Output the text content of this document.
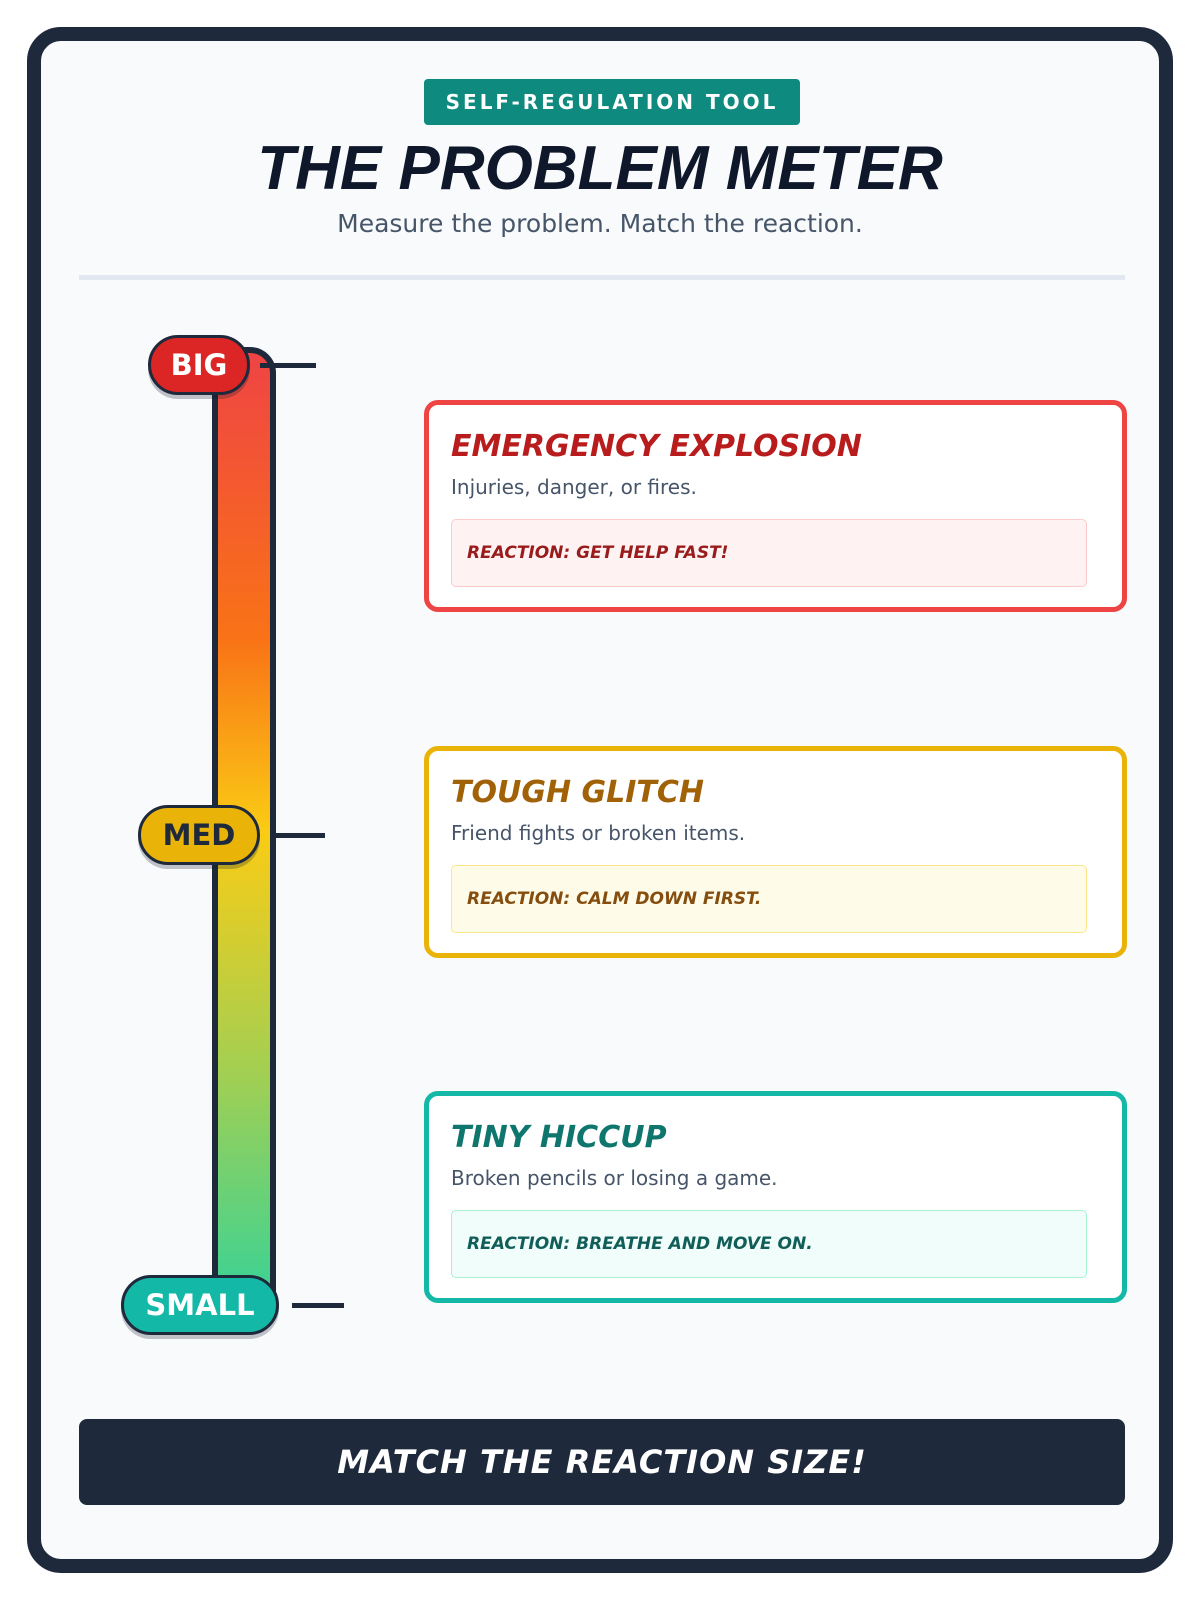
SELF-REGULATION TOOL
THE PROBLEM METER
Measure the problem. Match the reaction.
BIG
MED
SMALL
EMERGENCY EXPLOSION
Injuries, danger, or fires.
REACTION: GET HELP FAST!
TOUGH GLITCH
Friend fights or broken items.
REACTION: CALM DOWN FIRST.
TINY HICCUP
Broken pencils or losing a game.
REACTION: BREATHE AND MOVE ON.
MATCH THE REACTION SIZE!
